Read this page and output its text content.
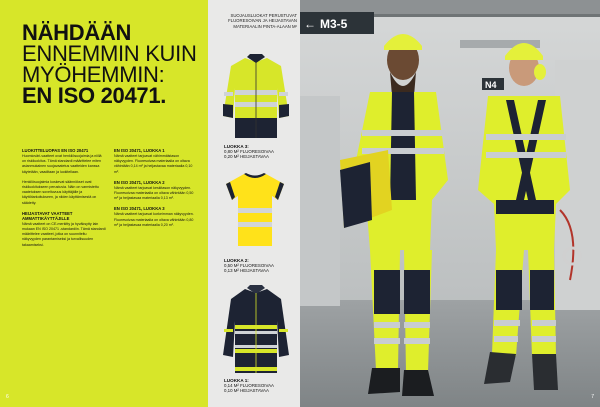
NÄHDÄÄN
ENNEMMIN KUIN
MYÖHEMMIN:
EN ISO 20471.
LUOKITTELUOPAS EN ISO 20471

Huomioväri-vaatteet ovat henkilösuojaimia ja niillä on riskiluokitus. Tämä standardi määrittelee miten asianmukainen suojavaatetus vaatteiden kanssa käytetään, vaaditaan ja luokitellaan.

Henkilösuojaimia koskevat säännökset ovat riskiluokitukseen perustuvia. Näin on varmistettu vaatetuksen soveltuvuus käyttäjälle ja käyttötarkoitukseen, ja niiden käyttämisestä on säädetty.

HEIJASTAVAT VAATTEET AMMATTIKÄYTTÄJILLE

Nämä vaatteet on CE-merkitty ja hyväksytty lain mukaan EN ISO 20471 -standardiin. Tämä standardi määrittelee vaatteet, jotka on suunniteltu näkyvyyden parantamiseksi ja turvallisuuden takaamiseksi.

EN ISO 20471, LUOKKA 1

Nämä vaatteet tarjoavat vähimmäistason näkyvyyden. Fluoresoivaa materiaalia on oltava vähintään 0,14 m² ja heijastavaa materiaalia 0,10 m².

EN ISO 20471, LUOKKA 2

Nämä vaatteet tarjoavat keskitason näkyvyyden. Fluoresoivaa materiaalia on oltava vähintään 0,50 m² ja heijastavaa materiaalia 0,13 m².

EN ISO 20471, LUOKKA 3

Nämä vaatteet tarjoavat korkeimman näkyvyyden. Fluoresoivaa materiaalia on oltava vähintään 0,80 m² ja heijastavaa materiaalia 0,20 m².

6
SUOJAUSLUOKAT PERUSTUVAT FLUORESOIVAN JA HEIJASTAVAN MATERIAALIN PINTA-ALAAN M²
LUOKKA 3:
0,80 M² FLUORESOIVAA
0,20 M² HEIJASTAVAA
LUOKKA 2:
0,50 M² FLUORESOIVAA
0,13 M² HEIJASTAVAA
LUOKKA 1:
0,14 M² FLUORESOIVAA
0,10 M² HEIJASTAVAA
← M3-5
N4
7
